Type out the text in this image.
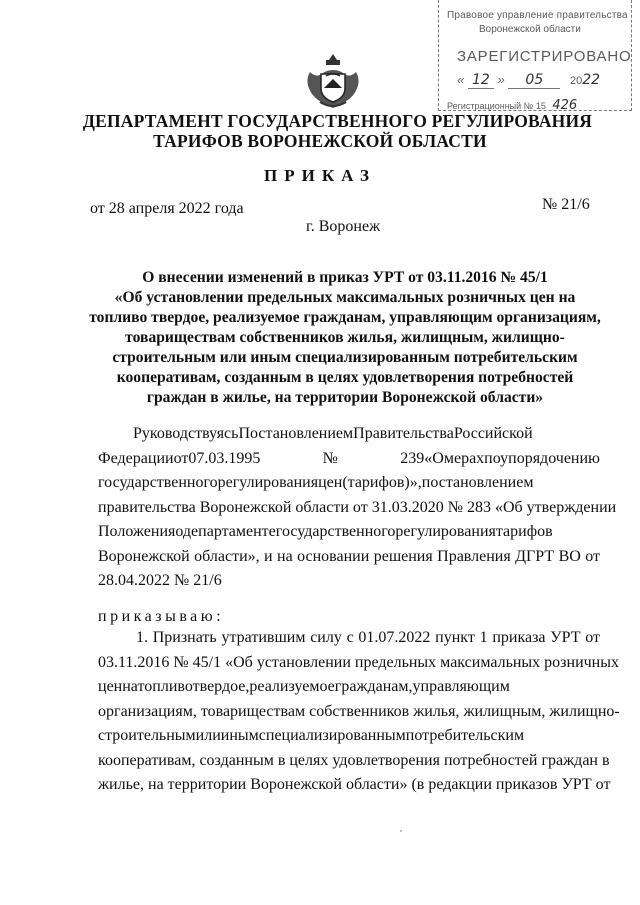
Правовое управление правительства
Воронежской области
ЗАРЕГИСТРИРОВАНО
« 12 » 05 2022
Регистрационный № 15 426
ДЕПАРТАМЕНТ ГОСУДАРСТВЕННОГО РЕГУЛИРОВАНИЯ
ТАРИФОВ ВОРОНЕЖСКОЙ ОБЛАСТИ
ПРИКАЗ
от 28 апреля 2022 года	№ 21/6
г. Воронеж
О внесении изменений в приказ УРТ от 03.11.2016 № 45/1
«Об установлении предельных максимальных розничных цен на
топливо твердое, реализуемое гражданам, управляющим организациям,
товариществам собственников жилья, жилищным, жилищно-
строительным или иным специализированным потребительским
кооперативам, созданным в целях удовлетворения потребностей
граждан в жилье, на территории Воронежской области»
РуководствуясьПостановлениемПравительстваРоссийской
Федерацииот07.03.1995№239«Омерахпоупорядочению
государственногорегулированияцен(тарифов)»,постановлением
правительства Воронежской области от 31.03.2020 № 283 «Об утверждении
Положенияодепартаментегосударственногорегулированиятарифов
Воронежской области», и на основании решения Правления ДГРТ ВО от
28.04.2022 № 21/6
приказываю:
1. Признать утратившим силу с 01.07.2022 пункт 1 приказа УРТ от
03.11.2016 № 45/1 «Об установлении предельных максимальных розничных
ценнатопливотвердое,реализуемоегражданам,управляющим
организациям, товариществам собственников жилья, жилищным, жилищно-
строительнымилиинымспециализированнымпотребительским
кооперативам, созданным в целях удовлетворения потребностей граждан в
жилье, на территории Воронежской области» (в редакции приказов УРТ от
